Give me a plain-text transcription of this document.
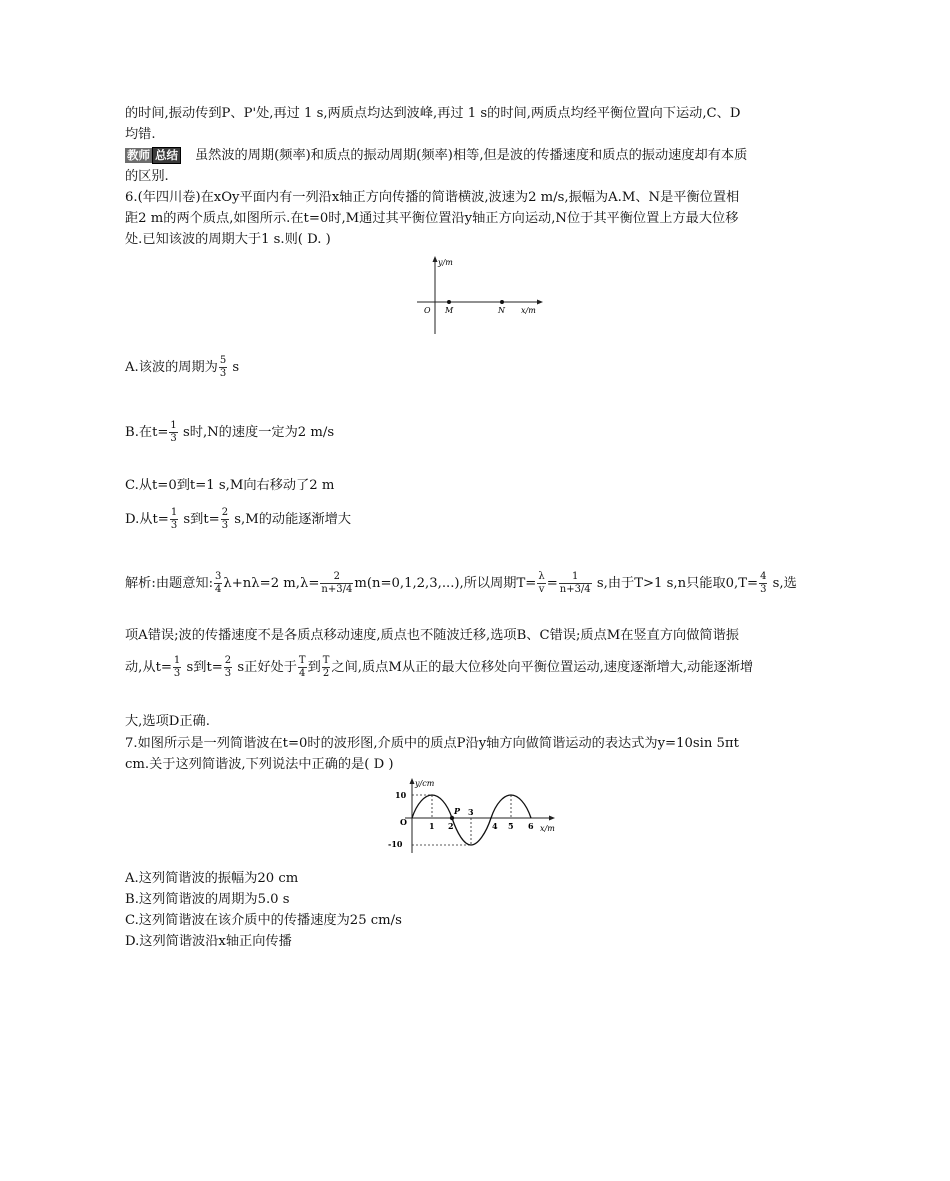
的时间,振动传到P、P'处,再过 1 s,两质点均达到波峰,再过 1 s的时间,两质点均经平衡位置向下运动,C、D

均错.

教师 总结 虽然波的周期(频率)和质点的振动周期(频率)相等,但是波的传播速度和质点的振动速度却有本质

的区别.

6.(年四川卷)在xOy平面内有一列沿x轴正方向传播的简谐横波,波速为2 m/s,振幅为A.M、N是平衡位置相

距2 m的两个质点,如图所示.在t=0时,M通过其平衡位置沿y轴正方向运动,N位于其平衡位置上方最大位移

处.已知该波的周期大于1 s.则( D. )

y/m
x/m
O M	N
A.该波的周期为 $\frac{5}{3}$ s
B.在$t= \frac{1}{3}$ s时,N的速度一定为2 m/s
C.从t=0到t=1 s,M向右移动了2 m
D.从$t= \frac{1}{3}$ s到$t= \frac{2}{3} s,M$的动能逐渐增大
解析:由题意知: $\frac{3}{4} \lambda+n\lambda=2$ $m,\lambda= \frac{2}{n+3/4} m(n=0,1,2,3,...)$,所以周期$T= \frac{\lambda}{v} = \frac{1}{n+3/4} s$,由于T>1 s,n只能取$0,T= \frac{4}{3} s$,选
项A错误;波的传播速度不是各质点移动速度,质点也不随波迁移,选项B、C错误;质点M在竖直方向做简谐振
动,从$t= \frac{1}{3}$ s到$t= \frac{2}{3}$ s正好处于 $\frac{T}{4}$ 到 $\frac{T}{2}$ 之间,质点M从正的最大位移处向平衡位置运动,速度逐渐增大,动能逐渐增
大,选项D正确.
7.如图所示是一列简谐波在t=0时的波形图,介质中的质点P沿y轴方向做简谐运动的表达式为y=10sin 5πt
cm.关于这列简谐波,下列说法中正确的是( D )
y/cm
x/m
O
10
-10
P
1 2
3
4 5 6
A.这列简谐波的振幅为20 cm
B.这列简谐波的周期为5.0 s
C.这列简谐波在该介质中的传播速度为25 cm/s
D.这列简谐波沿x轴正向传播
